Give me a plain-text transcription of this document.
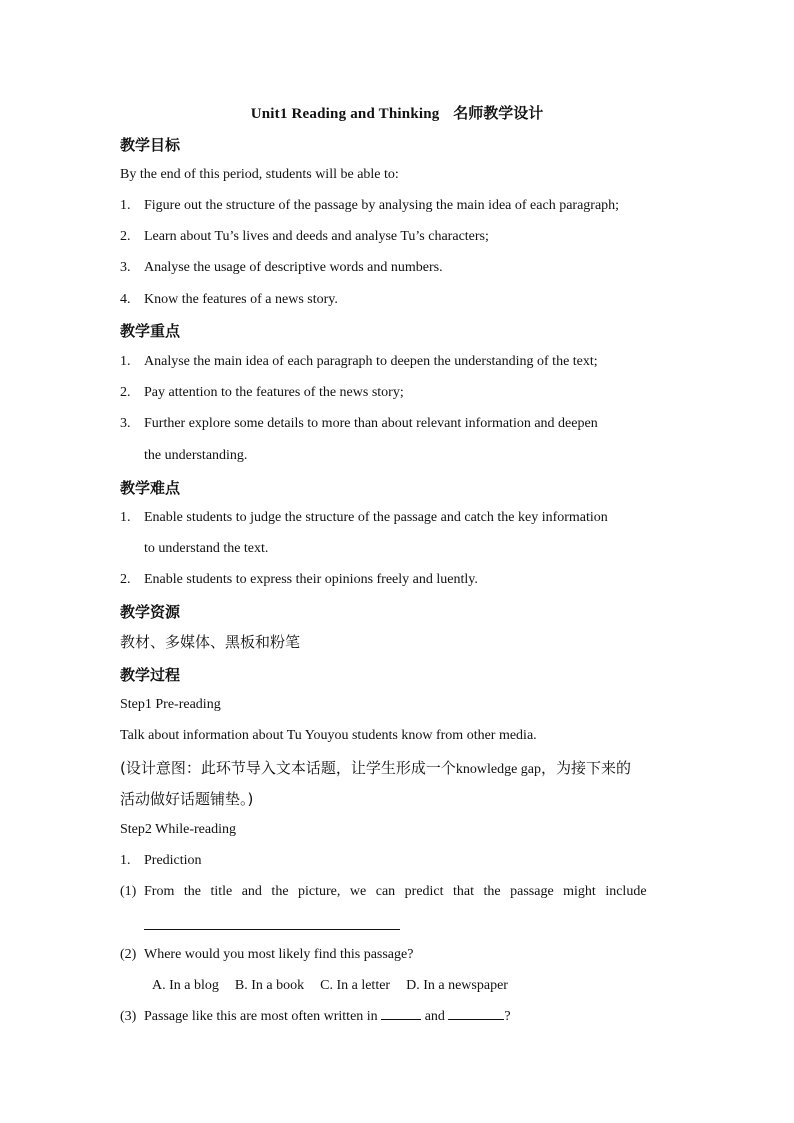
Unit1 Reading and Thinking 名师教学设计
教学目标
By the end of this period, students will be able to:
1. Figure out the structure of the passage by analysing the main idea of each paragraph;
2. Learn about Tu’s lives and deeds and analyse Tu’s characters;
3. Analyse the usage of descriptive words and numbers.
4. Know the features of a news story.
教学重点
1. Analyse the main idea of each paragraph to deepen the understanding of the text;
2. Pay attention to the features of the news story;
3. Further explore some details to more than about relevant information and deepen
the understanding.
教学难点
1. Enable students to judge the structure of the passage and catch the key information
to understand the text.
2. Enable students to express their opinions freely and luently.
教学资源
教材、多媒体、黑板和粉笔
教学过程
Step1 Pre-reading
Talk about information about Tu Youyou students know from other media.
(设计意图：此环节导入文本话题，让学生形成一个knowledge gap，为接下来的
活动做好话题铺垫。)
Step2 While-reading
1. Prediction
(1) From the title and the picture, we can predict that the passage might include
(2) Where would you most likely find this passage?
A. In a blog B. In a book C. In a letter D. In a newspaper
(3) Passage like this are most often written in	and	?
